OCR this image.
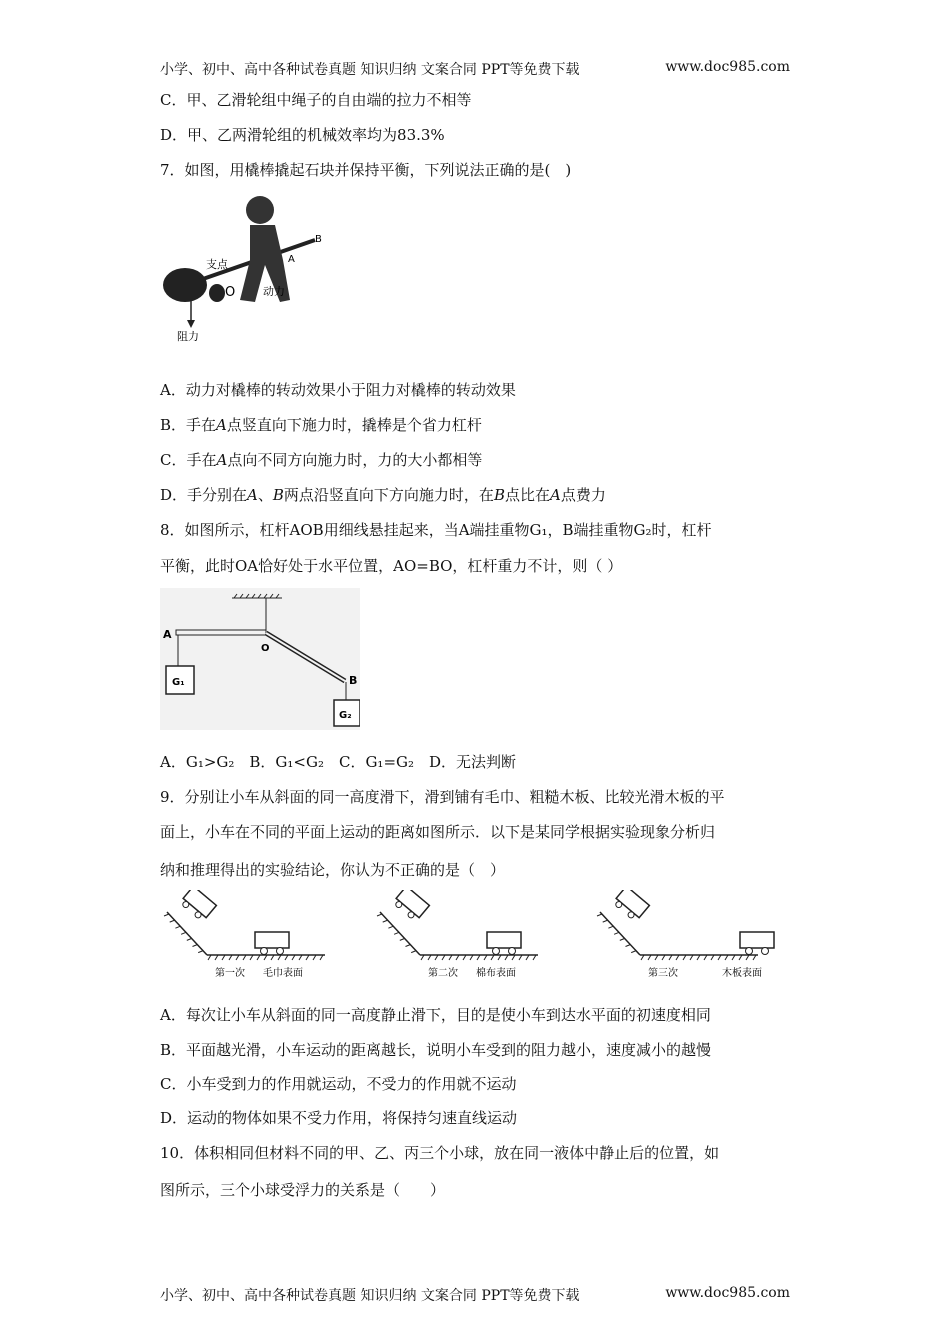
小学、初中、高中各种试卷真题 知识归纳 文案合同 PPT等免费下载	www.doc985.com
C．甲、乙滑轮组中绳子的自由端的拉力不相等
D．甲、乙两滑轮组的机械效率均为83.3%
7．如图，用橇棒撬起石块并保持平衡，下列说法正确的是(　)
支点
O
A
B
动力
阻力
A．动力对橇棒的转动效果小于阻力对橇棒的转动效果
B．手在A点竖直向下施力时，撬棒是个省力杠杆
C．手在A点向不同方向施力时，力的大小都相等
D．手分别在A、B两点沿竖直向下方向施力时，在B点比在A点费力
8．如图所示，杠杆AOB用细线悬挂起来，当A端挂重物G₁，B端挂重物G₂时，杠杆
平衡，此时OA恰好处于水平位置，AO=BO，杠杆重力不计，则（ ）
A
O
B
G₁
G₂
A．G₁>G₂　B．G₁<G₂　C．G₁=G₂　D．无法判断
9．分别让小车从斜面的同一高度滑下，滑到铺有毛巾、粗糙木板、比较光滑木板的平
面上，小车在不同的平面上运动的距离如图所示．以下是某同学根据实验现象分析归
纳和推理得出的实验结论，你认为不正确的是（　）
第一次 毛巾表面	第二次 棉布表面	第三次	木板表面
A．每次让小车从斜面的同一高度静止滑下，目的是使小车到达水平面的初速度相同
B．平面越光滑，小车运动的距离越长，说明小车受到的阻力越小，速度减小的越慢
C．小车受到力的作用就运动，不受力的作用就不运动
D．运动的物体如果不受力作用，将保持匀速直线运动
10．体积相同但材料不同的甲、乙、丙三个小球，放在同一液体中静止后的位置，如
图所示，三个小球受浮力的关系是（　　）
小学、初中、高中各种试卷真题 知识归纳 文案合同 PPT等免费下载	www.doc985.com
